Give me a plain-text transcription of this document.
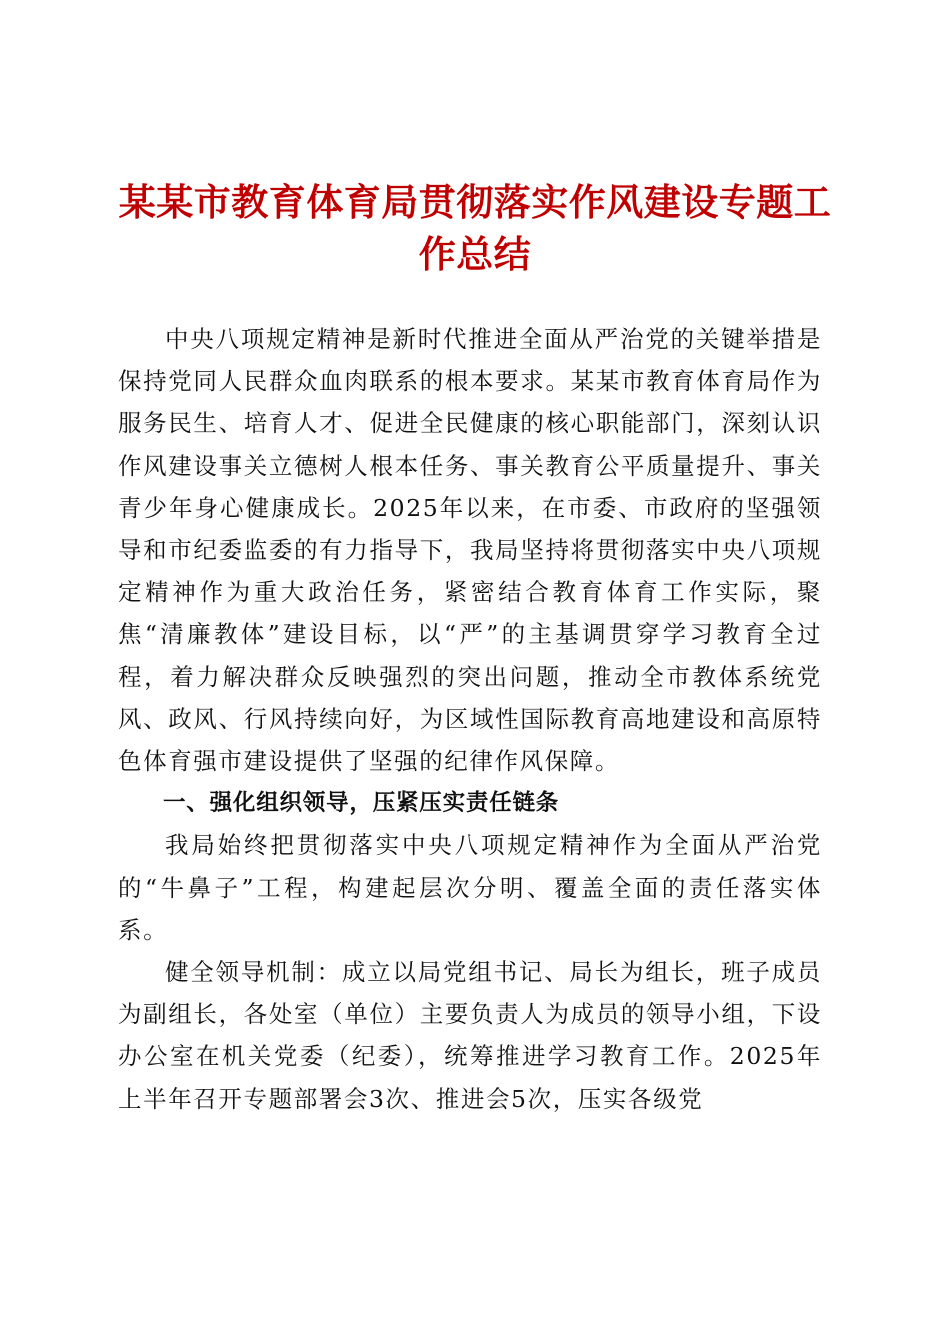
某某市教育体育局贯彻落实作风建设专题工作总结

中央八项规定精神是新时代推进全面从严治党的关键举措是保持党同人民群众血肉联系的根本要求。某某市教育体育局作为服务民生、培育人才、促进全民健康的核心职能部门，深刻认识作风建设事关立德树人根本任务、事关教育公平质量提升、事关青少年身心健康成长。2025年以来，在市委、市政府的坚强领导和市纪委监委的有力指导下，我局坚持将贯彻落实中央八项规定精神作为重大政治任务，紧密结合教育体育工作实际，聚焦“清廉教体”建设目标，以“严”的主基调贯穿学习教育全过程，着力解决群众反映强烈的突出问题，推动全市教体系统党风、政风、行风持续向好，为区域性国际教育高地建设和高原特色体育强市建设提供了坚强的纪律作风保障。

一、强化组织领导，压紧压实责任链条

我局始终把贯彻落实中央八项规定精神作为全面从严治党的“牛鼻子”工程，构建起层次分明、覆盖全面的责任落实体系。

健全领导机制：成立以局党组书记、局长为组长，班子成员为副组长，各处室（单位）主要负责人为成员的领导小组，下设办公室在机关党委（纪委），统筹推进学习教育工作。2025年上半年召开专题部署会3次、推进会5次，压实各级党
